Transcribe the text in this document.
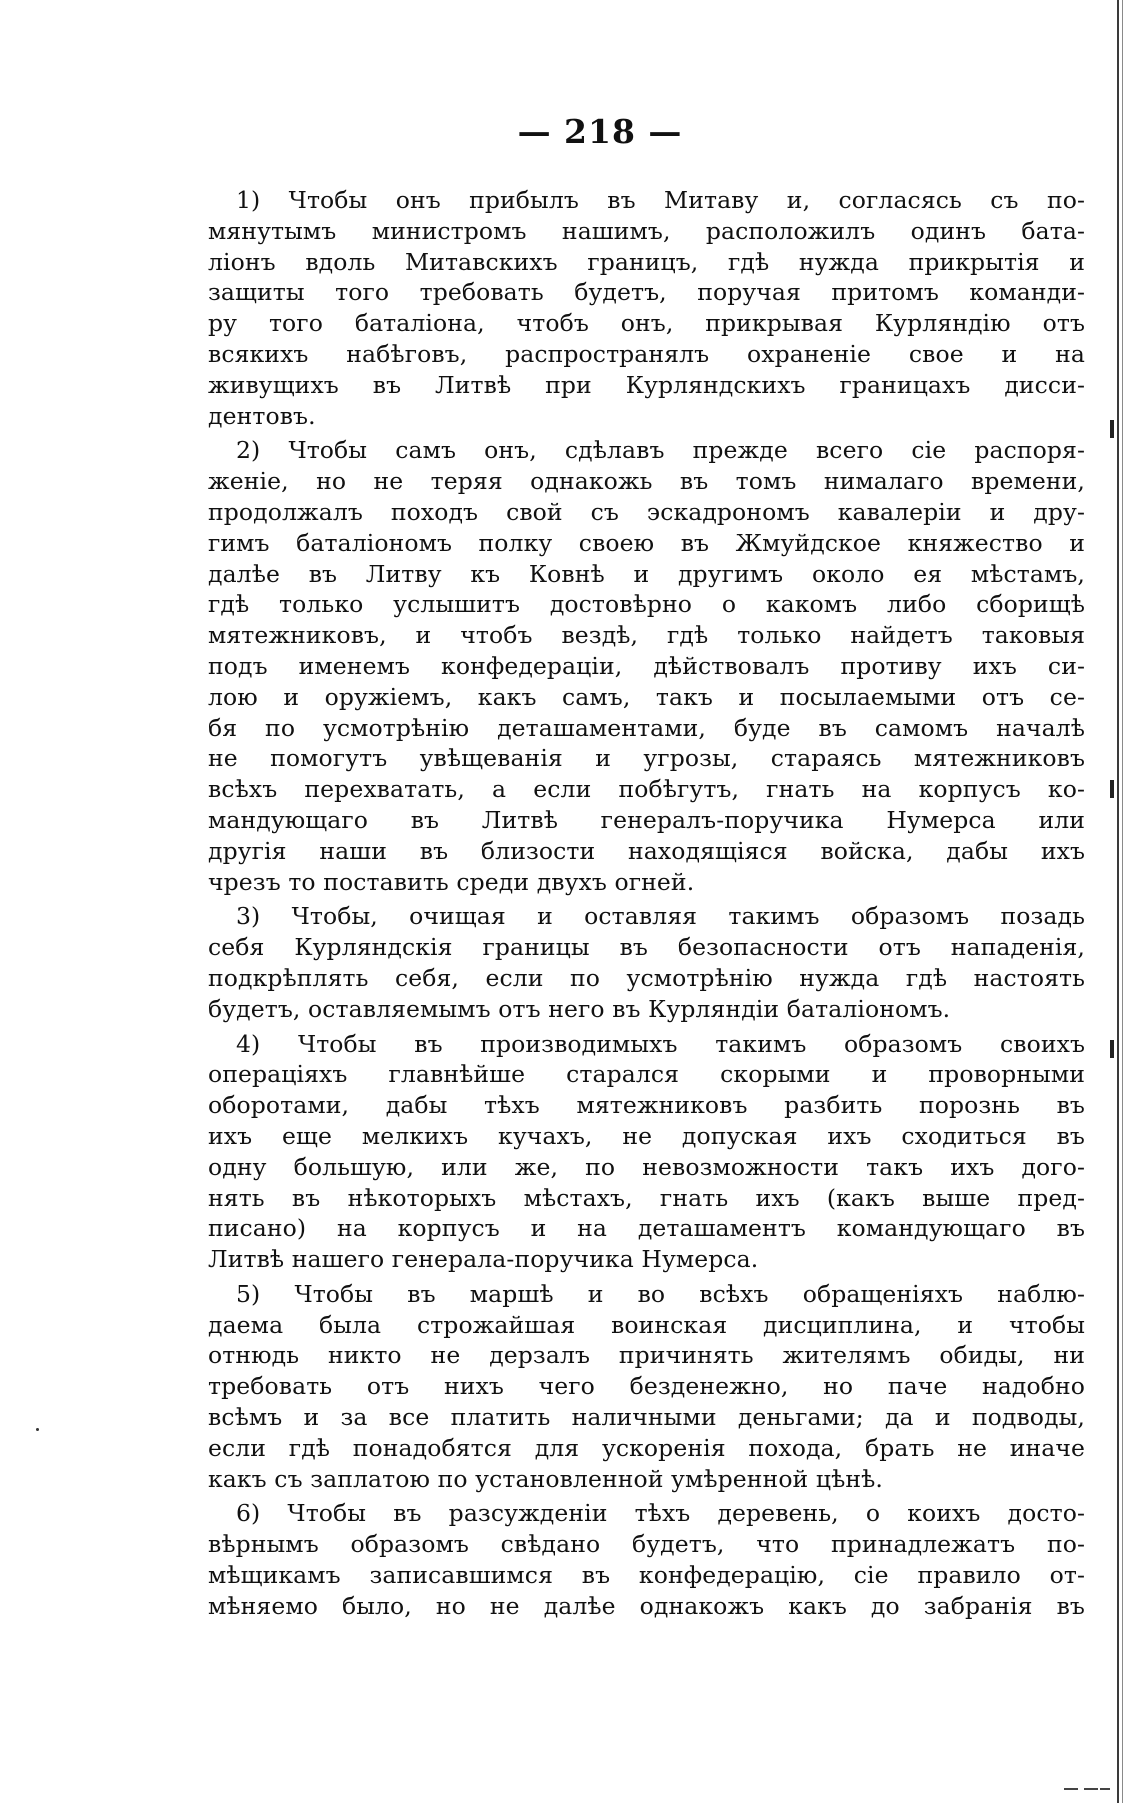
— 218 —
1) Чтобы онъ прибылъ въ Митаву и, согласясь съ по-
мянутымъ министромъ нашимъ, расположилъ одинъ бата-
ліонъ вдоль Митавскихъ границъ, гдѣ нужда прикрытія и
защиты того требовать будетъ, поручая притомъ команди-
ру того баталіона, чтобъ онъ, прикрывая Курляндію отъ
всякихъ набѣговъ, распространялъ охраненіе свое и на
живущихъ въ Литвѣ при Курляндскихъ границахъ дисси-
дентовъ.
2) Чтобы самъ онъ, сдѣлавъ прежде всего сіе распоря-
женіе, но не теряя однакожь въ томъ нималаго времени,
продолжалъ походъ свой съ эскадрономъ кавалеріи и дру-
гимъ баталіономъ полку своею въ Жмуйдское княжество и
далѣе въ Литву къ Ковнѣ и другимъ около ея мѣстамъ,
гдѣ только услышитъ достовѣрно о какомъ либо сборищѣ
мятежниковъ, и чтобъ вездѣ, гдѣ только найдетъ таковыя
подъ именемъ конфедераціи, дѣйствовалъ противу ихъ си-
лою и оружіемъ, какъ самъ, такъ и посылаемыми отъ се-
бя по усмотрѣнію деташаментами, буде въ самомъ началѣ
не помогутъ увѣщеванія и угрозы, стараясь мятежниковъ
всѣхъ перехватать, а если побѣгутъ, гнать на корпусъ ко-
мандующаго въ Литвѣ генералъ-поручика Нумерса или
другія наши въ близости находящіяся войска, дабы ихъ
чрезъ то поставить среди двухъ огней.
3) Чтобы, очищая и оставляя такимъ образомъ позадь
себя Курляндскія границы въ безопасности отъ нападенія,
подкрѣплять себя, если по усмотрѣнію нужда гдѣ настоять
будетъ, оставляемымъ отъ него въ Курляндіи баталіономъ.
4) Чтобы въ производимыхъ такимъ образомъ своихъ
операціяхъ главнѣйше старался скорыми и проворными
оборотами, дабы тѣхъ мятежниковъ разбить порознь въ
ихъ еще мелкихъ кучахъ, не допуская ихъ сходиться въ
одну большую, или же, по невозможности такъ ихъ дого-
нять въ нѣкоторыхъ мѣстахъ, гнать ихъ (какъ выше пред-
писано) на корпусъ и на деташаментъ командующаго въ
Литвѣ нашего генерала-поручика Нумерса.
5) Чтобы въ маршѣ и во всѣхъ обращеніяхъ наблю-
даема была строжайшая воинская дисциплина, и чтобы
отнюдь никто не дерзалъ причинять жителямъ обиды, ни
требовать отъ нихъ чего безденежно, но паче надобно
всѣмъ и за все платить наличными деньгами; да и подводы,
если гдѣ понадобятся для ускоренія похода, брать не иначе
какъ съ заплатою по установленной умѣренной цѣнѣ.
6) Чтобы въ разсужденіи тѣхъ деревень, о коихъ досто-
вѣрнымъ образомъ свѣдано будетъ, что принадлежатъ по-
мѣщикамъ записавшимся въ конфедерацію, сіе правило от-
мѣняемо было, но не далѣе однакожъ какъ до забранія въ
